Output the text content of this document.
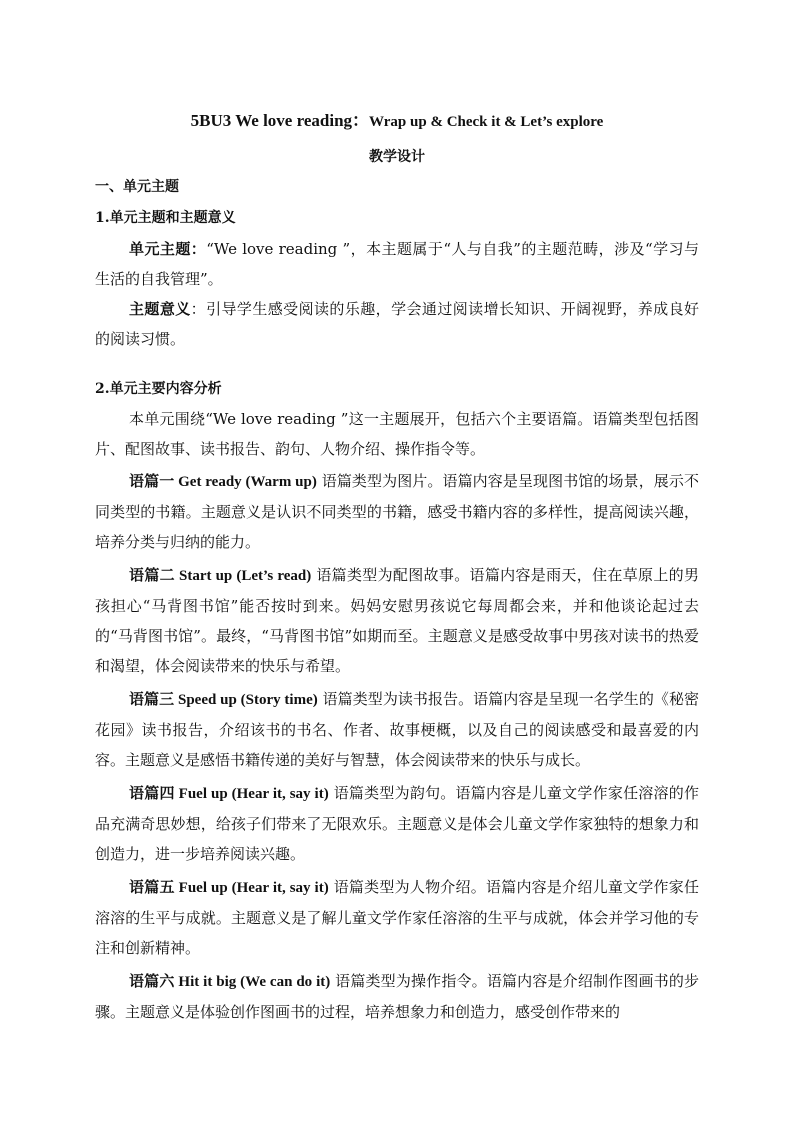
5BU3 We love reading：Wrap up & Check it & Let’s explore
教学设计
一、单元主题
1.单元主题和主题意义
单元主题：“We love reading ”，本主题属于“人与自我”的主题范畴，涉及“学习与生活的自我管理”。
主题意义：引导学生感受阅读的乐趣，学会通过阅读增长知识、开阔视野，养成良好的阅读习惯。
2.单元主要内容分析
本单元围绕“We love reading ”这一主题展开，包括六个主要语篇。语篇类型包括图片、配图故事、读书报告、韵句、人物介绍、操作指令等。
语篇一 Get ready (Warm up) 语篇类型为图片。语篇内容是呈现图书馆的场景，展示不同类型的书籍。主题意义是认识不同类型的书籍，感受书籍内容的多样性，提高阅读兴趣，培养分类与归纳的能力。
语篇二 Start up (Let’s read) 语篇类型为配图故事。语篇内容是雨天，住在草原上的男孩担心“马背图书馆”能否按时到来。妈妈安慰男孩说它每周都会来，并和他谈论起过去的“马背图书馆”。最终，“马背图书馆”如期而至。主题意义是感受故事中男孩对读书的热爱和渴望，体会阅读带来的快乐与希望。
语篇三 Speed up (Story time) 语篇类型为读书报告。语篇内容是呈现一名学生的《秘密花园》读书报告，介绍该书的书名、作者、故事梗概，以及自己的阅读感受和最喜爱的内容。主题意义是感悟书籍传递的美好与智慧，体会阅读带来的快乐与成长。
语篇四 Fuel up (Hear it, say it) 语篇类型为韵句。语篇内容是儿童文学作家任溶溶的作品充满奇思妙想，给孩子们带来了无限欢乐。主题意义是体会儿童文学作家独特的想象力和创造力，进一步培养阅读兴趣。
语篇五 Fuel up (Hear it, say it) 语篇类型为人物介绍。语篇内容是介绍儿童文学作家任溶溶的生平与成就。主题意义是了解儿童文学作家任溶溶的生平与成就，体会并学习他的专注和创新精神。
语篇六 Hit it big (We can do it) 语篇类型为操作指令。语篇内容是介绍制作图画书的步骤。主题意义是体验创作图画书的过程，培养想象力和创造力，感受创作带来的
